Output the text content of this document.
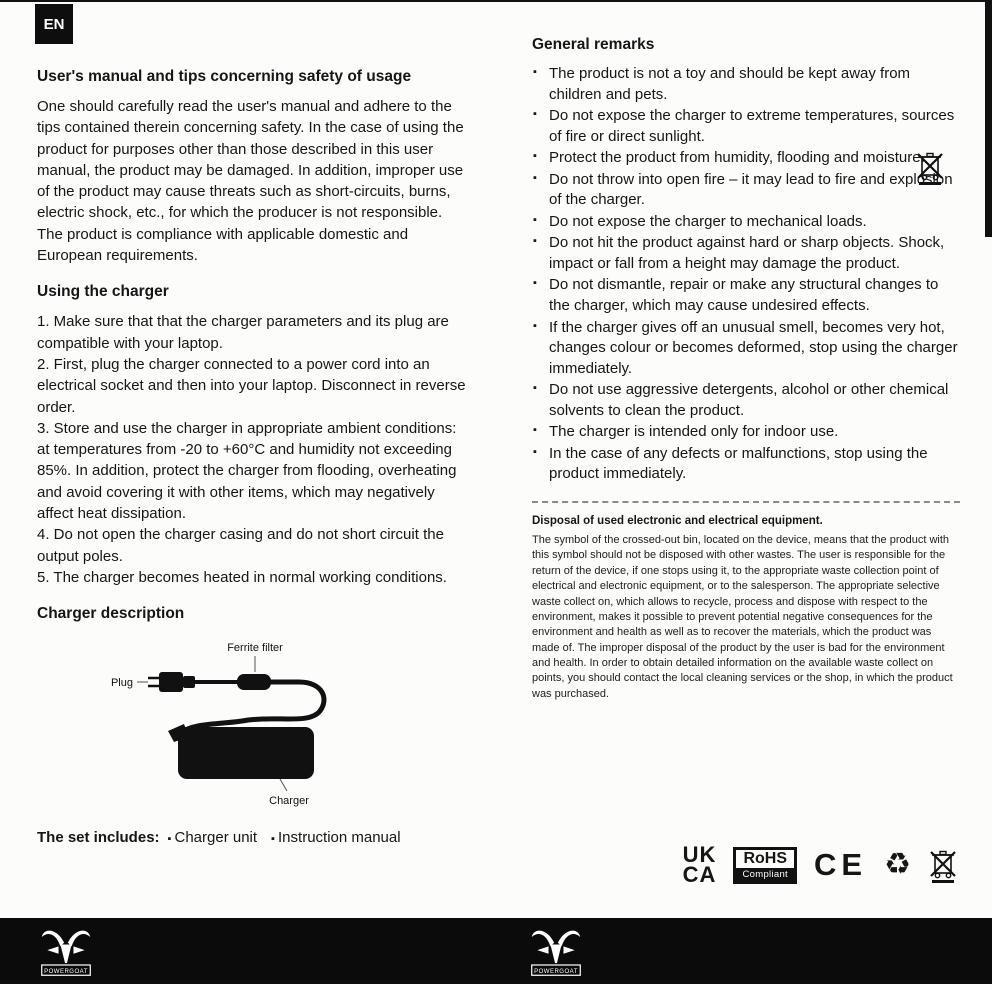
EN
User's manual and tips concerning safety of usage

One should carefully read the user's manual and adhere to the tips contained therein concerning safety. In the case of using the product for purposes other than those described in this user manual, the product may be damaged. In addition, improper use of the product may cause threats such as short-circuits, burns, electric shock, etc., for which the producer is not responsible. The product is compliance with applicable domestic and European requirements.

Using the charger

1. Make sure that that the charger parameters and its plug are compatible with your laptop.

2. First, plug the charger connected to a power cord into an electrical socket and then into your laptop. Disconnect in reverse order.

3. Store and use the charger in appropriate ambient conditions: at temperatures from -20 to +60°C and humidity not exceeding 85%. In addition, protect the charger from flooding, overheating and avoid covering it with other items, which may negatively affect heat dissipation.

4. Do not open the charger casing and do not short circuit the output poles.

5. The charger becomes heated in normal working conditions.

Charger description
Ferrite filter
Plug
Charger
The set includes: ▪ Charger unit	▪ Instruction manual
General remarks
▪ The product is not a toy and should be kept away from children and pets.
▪ Do not expose the charger to extreme temperatures, sources of fire or direct sunlight.
▪ Protect the product from humidity, flooding and moisture.
▪ Do not throw into open fire – it may lead to fire and explosion of the charger.
▪ Do not expose the charger to mechanical loads.
▪ Do not hit the product against hard or sharp objects. Shock, impact or fall from a height may damage the product.
▪ Do not dismantle, repair or make any structural changes to the charger, which may cause undesired effects.
▪ If the charger gives off an unusual smell, becomes very hot, changes colour or becomes deformed, stop using the charger immediately.
▪ Do not use aggressive detergents, alcohol or other chemical solvents to clean the product.
▪ The charger is intended only for indoor use.
▪ In the case of any defects or malfunctions, stop using the product immediately.
Disposal of used electronic and electrical equipment.

The symbol of the crossed-out bin, located on the device, means that the product with this symbol should not be disposed with other wastes. The user is responsible for the return of the device, if one stops using it, to the appropriate waste collection point of electrical and electronic equipment, or to the salesperson. The appropriate selective waste collect on, which allows to recycle, process and dispose with respect to the environment, makes it possible to prevent potential negative consequences for the environment and health as well as to recover the materials, which the product was made of. The improper disposal of the product by the user is bad for the environment and health. In order to obtain detailed information on the available waste collect on points, you should contact the local cleaning services or the shop, in which the product was purchased.

UK
CA
RoHS
Compliant CE ♻
POWERGOAT	POWERGOAT
